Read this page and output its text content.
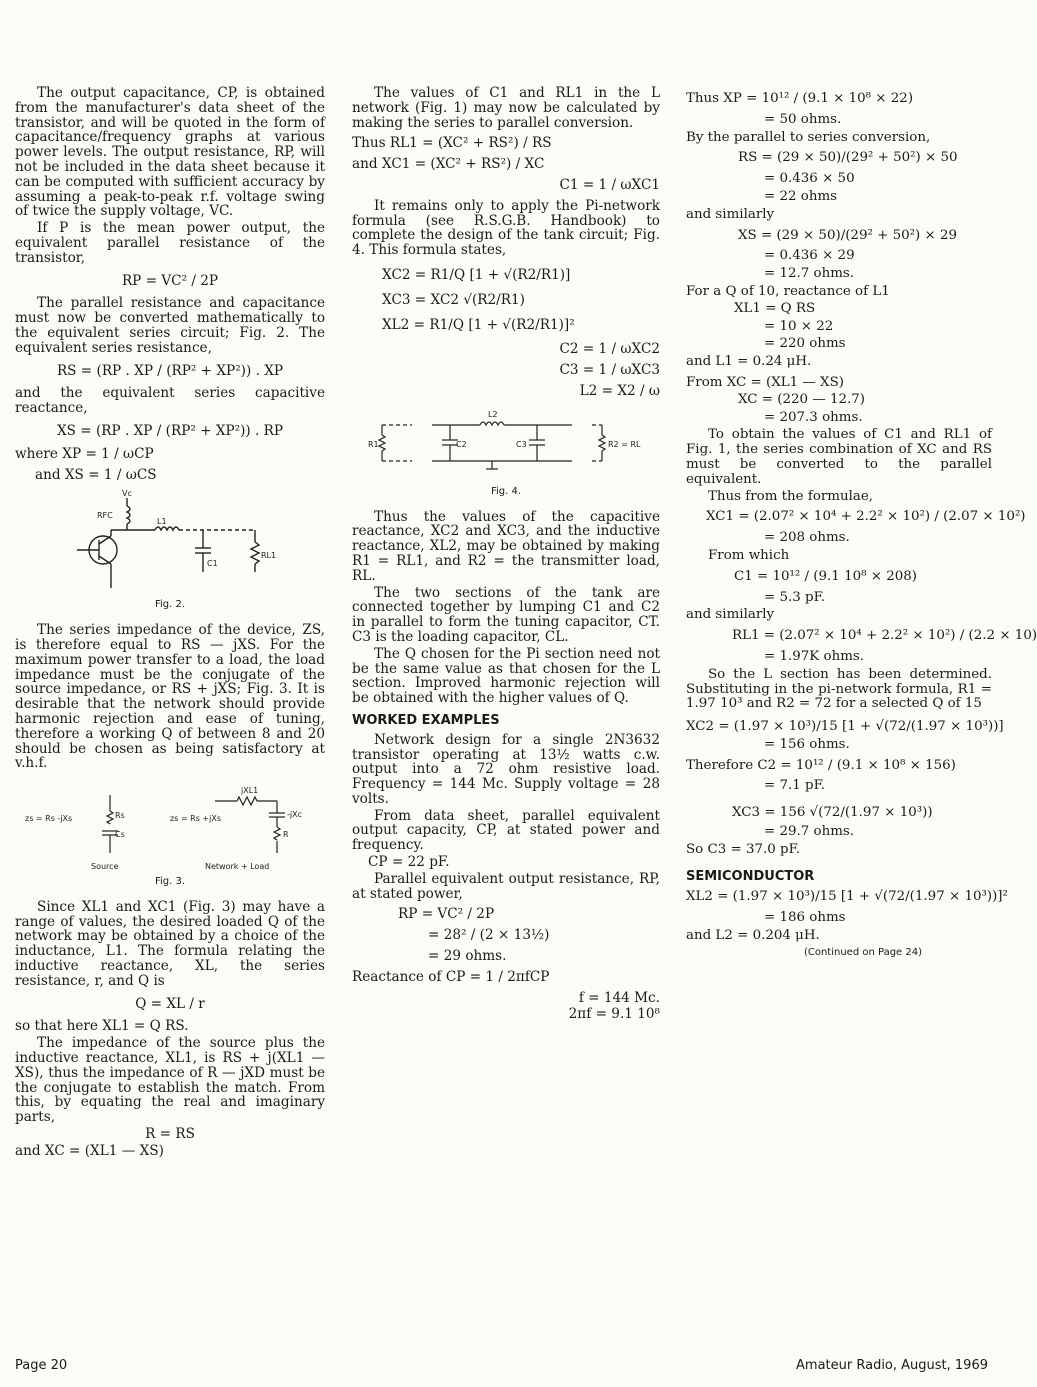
The output capacitance, CP, is obtained from the manufacturer's data sheet of the transistor, and will be quoted in the form of capacitance/frequency graphs at various power levels. The output resistance, RP, will not be included in the data sheet because it can be computed with sufficient accuracy by assuming a peak-to-peak r.f. voltage swing of twice the supply voltage, VC.

If P is the mean power output, the equivalent parallel resistance of the transistor,

RP = VC² / 2P

The parallel resistance and capacitance must now be converted mathematically to the equivalent series circuit; Fig. 2. The equivalent series resistance,

RS = (RP . XP / (RP² + XP²)) . XP

and the equivalent series capacitive reactance,

XS = (RP . XP / (RP² + XP²)) . RP
where XP = 1 / ωCP
and XS = 1 / ωCS
Vc
RFC
L1
C1
RL1
Fig. 2.

The series impedance of the device, ZS, is therefore equal to RS — jXS. For the maximum power transfer to a load, the load impedance must be the conjugate of the source impedance, or RS + jXS; Fig. 3. It is desirable that the network should provide harmonic rejection and ease of tuning, therefore a working Q of between 8 and 20 should be chosen as being satisfactory at v.h.f.

Rs
Cs
zs = Rs -jXs	zs = Rs +jXs
jXL1
-jXc
R
Source	Network + Load
Fig. 3.

Since XL1 and XC1 (Fig. 3) may have a range of values, the desired loaded Q of the network may be obtained by a choice of the inductance, L1. The formula relating the inductive reactance, XL, the series resistance, r, and Q is

Q = XL / r

so that here XL1 = Q RS.

The impedance of the source plus the inductive reactance, XL1, is RS + j(XL1 — XS), thus the impedance of R — jXD must be the conjugate to establish the match. From this, by equating the real and imaginary parts,

R = RS
and XC = (XL1 — XS)

The values of C1 and RL1 in the L network (Fig. 1) may now be calculated by making the series to parallel conversion.

Thus RL1 = (XC² + RS²) / RS
and XC1 = (XC² + RS²) / XC
C1 = 1 / ωXC1

It remains only to apply the Pi-network formula (see R.S.G.B. Handbook) to complete the design of the tank circuit; Fig. 4. This formula states,

XC2 = R1/Q [1 + √(R2/R1)]
XC3 = XC2 √(R2/R1)
XL2 = R1/Q [1 + √(R2/R1)]²
C2 = 1 / ωXC2
C3 = 1 / ωXC3
L2 = X2 / ω
R1	C2	C3
L2
R2 = RL
Fig. 4.

Thus the values of the capacitive reactance, XC2 and XC3, and the inductive reactance, XL2, may be obtained by making R1 = RL1, and R2 = the transmitter load, RL.

The two sections of the tank are connected together by lumping C1 and C2 in parallel to form the tuning capacitor, CT. C3 is the loading capacitor, CL.

The Q chosen for the Pi section need not be the same value as that chosen for the L section. Improved harmonic rejection will be obtained with the higher values of Q.

WORKED EXAMPLES

Network design for a single 2N3632 transistor operating at 13½ watts c.w. output into a 72 ohm resistive load. Frequency = 144 Mc. Supply voltage = 28 volts.

From data sheet, parallel equivalent output capacity, CP, at stated power and frequency.

CP = 22 pF.

Parallel equivalent output resistance, RP, at stated power,

RP = VC² / 2P
= 28² / (2 × 13½)
= 29 ohms.
Reactance of CP = 1 / 2πfCP
f = 144 Mc.
2πf = 9.1 10⁸
Thus XP = 10¹² / (9.1 × 10⁸ × 22)
= 50 ohms.

By the parallel to series conversion,

RS = (29 × 50)/(29² + 50²) × 50
= 0.436 × 50
= 22 ohms

and similarly

XS = (29 × 50)/(29² + 50²) × 29
= 0.436 × 29
= 12.7 ohms.

For a Q of 10, reactance of L1

XL1 = Q RS
= 10 × 22
= 220 ohms
and L1 = 0.24 μH.
From XC = (XL1 — XS)
XC = (220 — 12.7)
= 207.3 ohms.

To obtain the values of C1 and RL1 of Fig. 1, the series combination of XC and RS must be converted to the parallel equivalent.

Thus from the formulae,

XC1 = (2.07² × 10⁴ + 2.2² × 10²) / (2.07 × 10²)
= 208 ohms.

From which

C1 = 10¹² / (9.1 10⁸ × 208)
= 5.3 pF.

and similarly

RL1 = (2.07² × 10⁴ + 2.2² × 10²) / (2.2 × 10)
= 1.97K ohms.

So the L section has been determined. Substituting in the pi-network formula, R1 = 1.97 10³ and R2 = 72 for a selected Q of 15

XC2 = (1.97 × 10³)/15 [1 + √(72/(1.97 × 10³))]
= 156 ohms.
Therefore C2 = 10¹² / (9.1 × 10⁸ × 156)
= 7.1 pF.
XC3 = 156 √(72/(1.97 × 10³))
= 29.7 ohms.
So C3 = 37.0 pF.
SEMICONDUCTOR
XL2 = (1.97 × 10³)/15 [1 + √(72/(1.97 × 10³))]²
= 186 ohms
and L2 = 0.204 μH.
(Continued on Page 24)
Page 20	Amateur Radio, August, 1969
